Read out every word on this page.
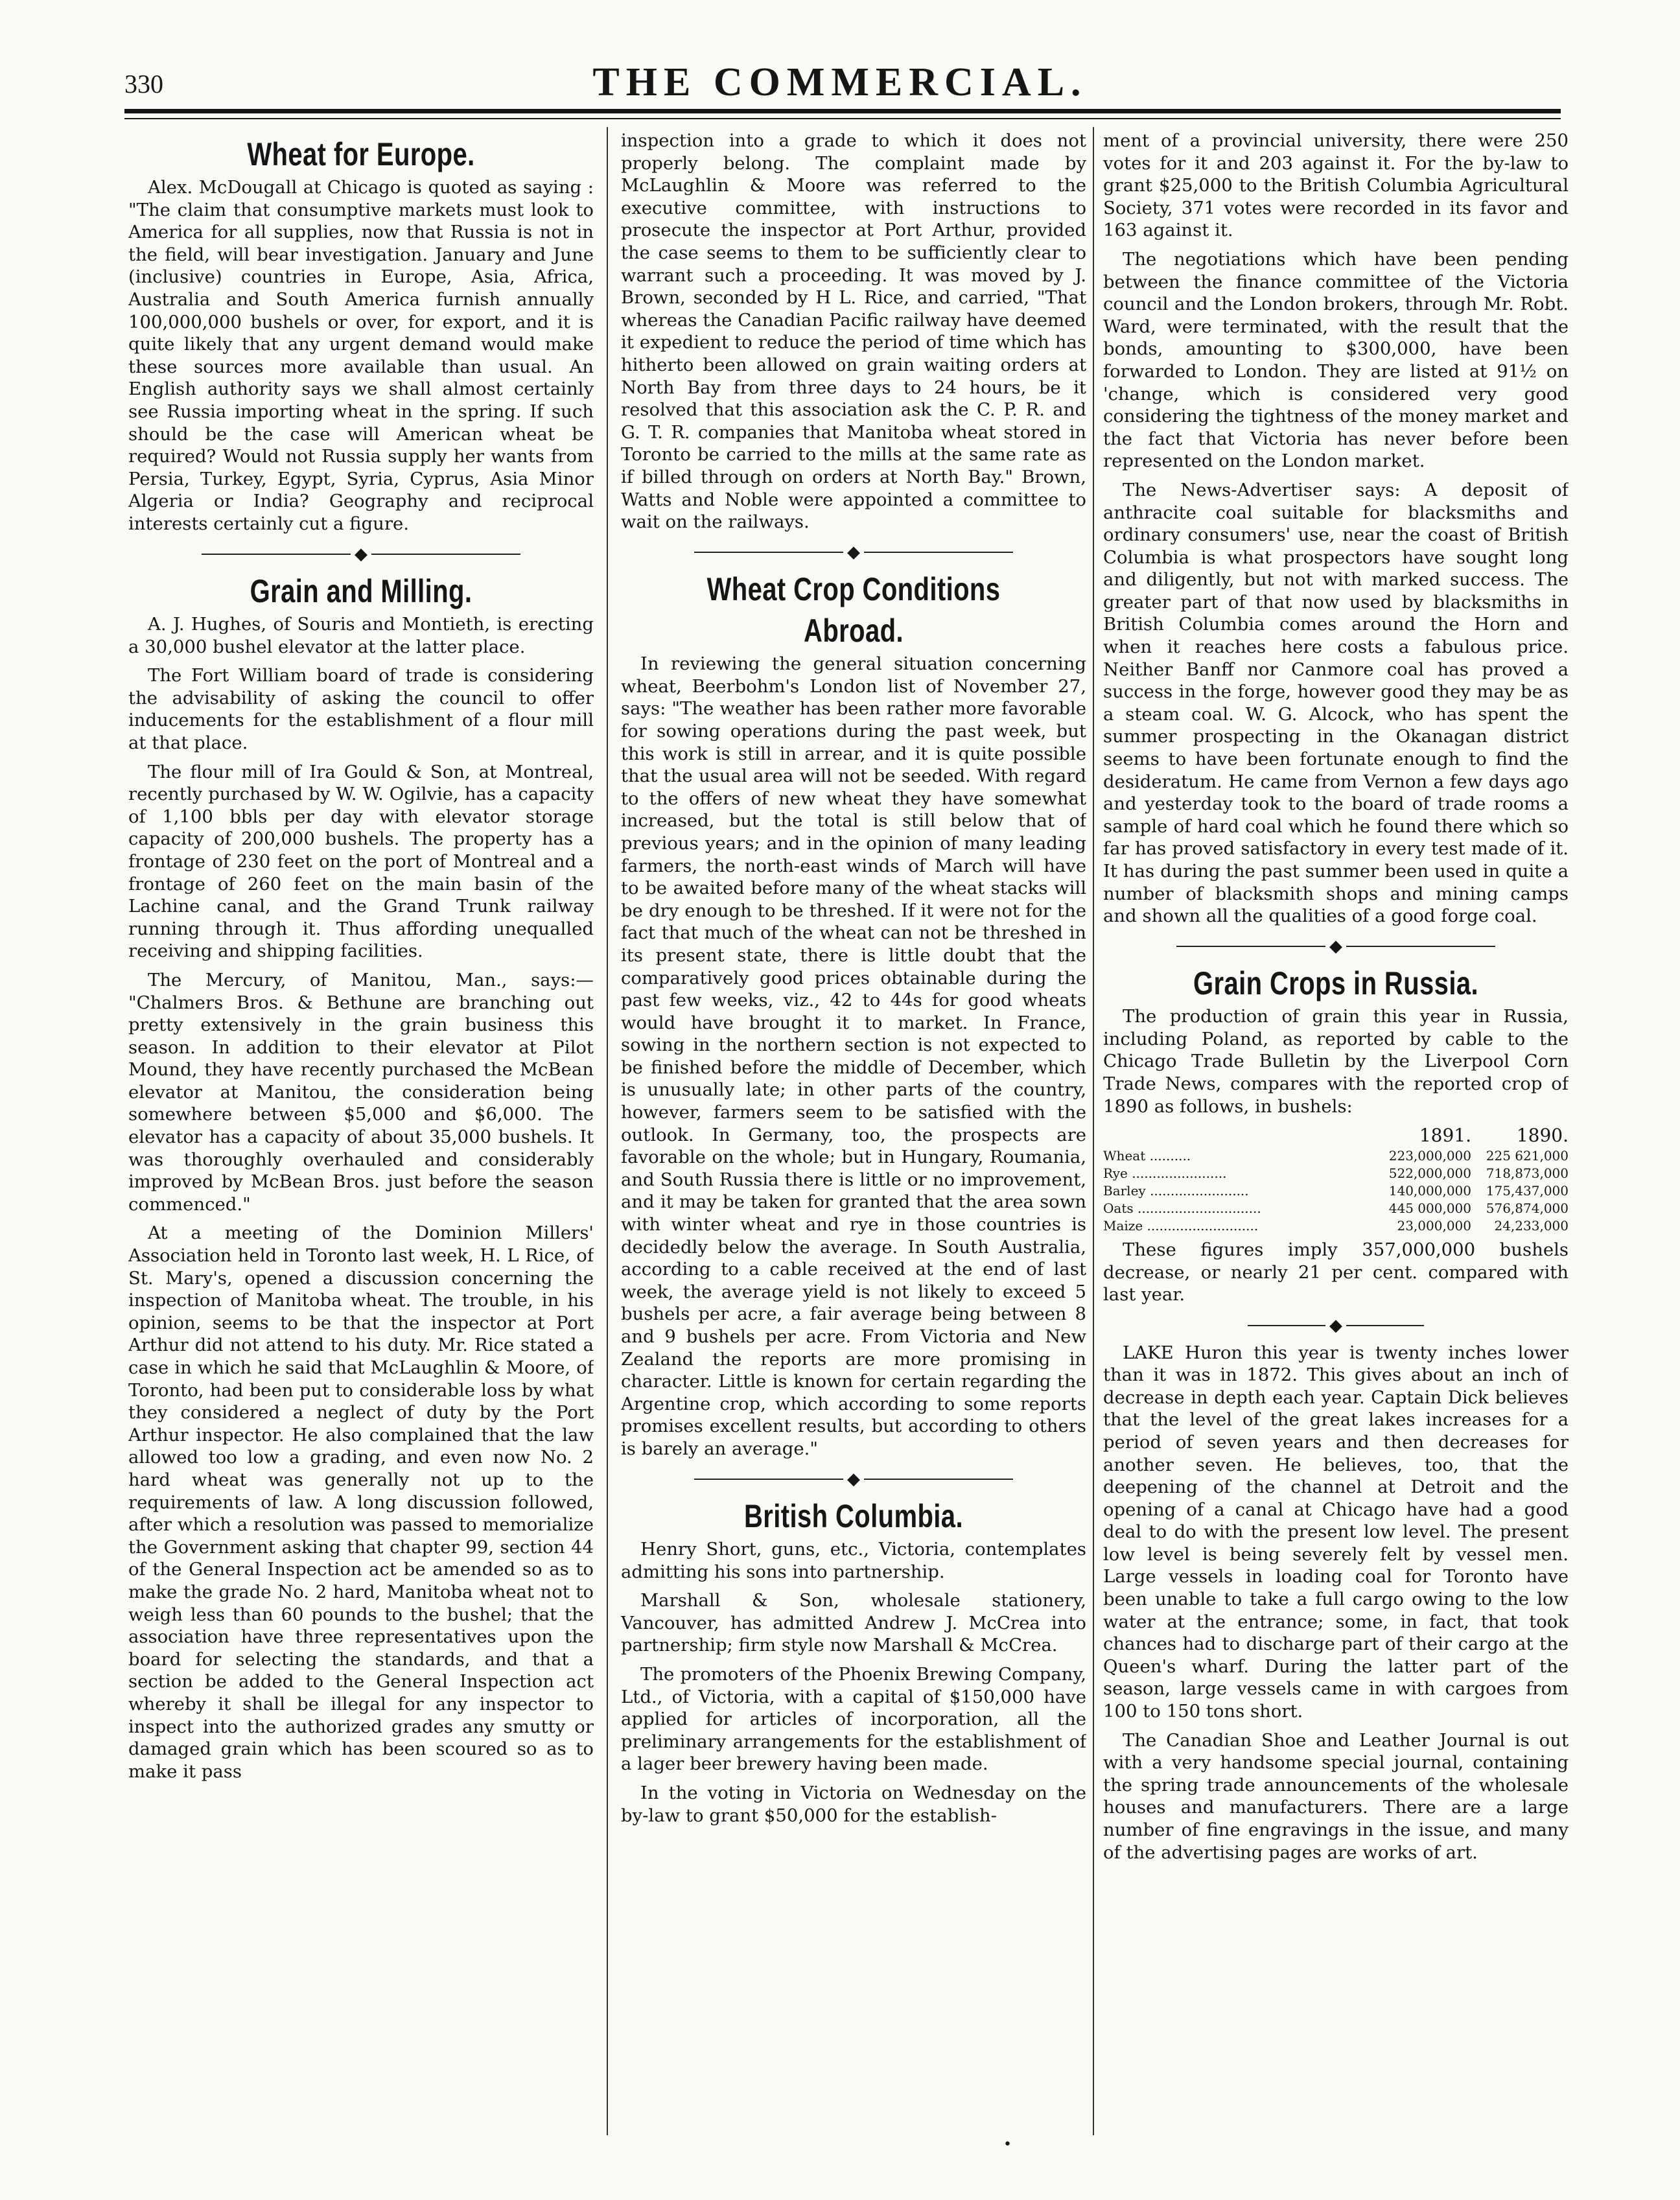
330	THE COMMERCIAL.
Wheat for Europe.

Alex. McDougall at Chicago is quoted as saying : "The claim that consumptive markets must look to America for all supplies, now that Russia is not in the field, will bear investigation. January and June (inclusive) countries in Europe, Asia, Africa, Australia and South America furnish annually 100,000,000 bushels or over, for export, and it is quite likely that any urgent demand would make these sources more available than usual. An English authority says we shall almost certainly see Russia importing wheat in the spring. If such should be the case will American wheat be required? Would not Russia supply her wants from Persia, Turkey, Egypt, Syria, Cyprus, Asia Minor Algeria or India? Geography and reciprocal interests certainly cut a figure.

◆
Grain and Milling.

A. J. Hughes, of Souris and Montieth, is erecting a 30,000 bushel elevator at the latter place.

The Fort William board of trade is considering the advisability of asking the council to offer inducements for the establishment of a flour mill at that place.

The flour mill of Ira Gould & Son, at Montreal, recently purchased by W. W. Ogilvie, has a capacity of 1,100 bbls per day with elevator storage capacity of 200,000 bushels. The property has a frontage of 230 feet on the port of Montreal and a frontage of 260 feet on the main basin of the Lachine canal, and the Grand Trunk railway running through it. Thus affording unequalled receiving and shipping facilities.

The Mercury, of Manitou, Man., says:— "Chalmers Bros. & Bethune are branching out pretty extensively in the grain business this season. In addition to their elevator at Pilot Mound, they have recently purchased the McBean elevator at Manitou, the consideration being somewhere between $5,000 and $6,000. The elevator has a capacity of about 35,000 bushels. It was thoroughly overhauled and considerably improved by McBean Bros. just before the season commenced."

At a meeting of the Dominion Millers' Association held in Toronto last week, H. L Rice, of St. Mary's, opened a discussion concerning the inspection of Manitoba wheat. The trouble, in his opinion, seems to be that the inspector at Port Arthur did not attend to his duty. Mr. Rice stated a case in which he said that McLaughlin & Moore, of Toronto, had been put to considerable loss by what they considered a neglect of duty by the Port Arthur inspector. He also complained that the law allowed too low a grading, and even now No. 2 hard wheat was generally not up to the requirements of law. A long discussion followed, after which a resolution was passed to memorialize the Government asking that chapter 99, section 44 of the General Inspection act be amended so as to make the grade No. 2 hard, Manitoba wheat not to weigh less than 60 pounds to the bushel; that the association have three representatives upon the board for selecting the standards, and that a section be added to the General Inspection act whereby it shall be illegal for any inspector to inspect into the authorized grades any smutty or damaged grain which has been scoured so as to make it pass

inspection into a grade to which it does not properly belong. The complaint made by McLaughlin & Moore was referred to the executive committee, with instructions to prosecute the inspector at Port Arthur, provided the case seems to them to be sufficiently clear to warrant such a proceeding. It was moved by J. Brown, seconded by H L. Rice, and carried, "That whereas the Canadian Pacific railway have deemed it expedient to reduce the period of time which has hitherto been allowed on grain waiting orders at North Bay from three days to 24 hours, be it resolved that this association ask the C. P. R. and G. T. R. companies that Manitoba wheat stored in Toronto be carried to the mills at the same rate as if billed through on orders at North Bay." Brown, Watts and Noble were appointed a committee to wait on the railways.

◆
Wheat Crop Conditions Abroad.

In reviewing the general situation concerning wheat, Beerbohm's London list of November 27, says: "The weather has been rather more favorable for sowing operations during the past week, but this work is still in arrear, and it is quite possible that the usual area will not be seeded. With regard to the offers of new wheat they have somewhat increased, but the total is still below that of previous years; and in the opinion of many leading farmers, the north-east winds of March will have to be awaited before many of the wheat stacks will be dry enough to be threshed. If it were not for the fact that much of the wheat can not be threshed in its present state, there is little doubt that the comparatively good prices obtainable during the past few weeks, viz., 42 to 44s for good wheats would have brought it to market. In France, sowing in the northern section is not expected to be finished before the middle of December, which is unusually late; in other parts of the country, however, farmers seem to be satisfied with the outlook. In Germany, too, the prospects are favorable on the whole; but in Hungary, Roumania, and South Russia there is little or no improvement, and it may be taken for granted that the area sown with winter wheat and rye in those countries is decidedly below the average. In South Australia, according to a cable received at the end of last week, the average yield is not likely to exceed 5 bushels per acre, a fair average being between 8 and 9 bushels per acre. From Victoria and New Zealand the reports are more promising in character. Little is known for certain regarding the Argentine crop, which according to some reports promises excellent results, but according to others is barely an average."

◆
British Columbia.

Henry Short, guns, etc., Victoria, contemplates admitting his sons into partnership.

Marshall & Son, wholesale stationery, Vancouver, has admitted Andrew J. McCrea into partnership; firm style now Marshall & McCrea.

The promoters of the Phoenix Brewing Company, Ltd., of Victoria, with a capital of $150,000 have applied for articles of incorporation, all the preliminary arrangements for the establishment of a lager beer brewery having been made.

In the voting in Victoria on Wednesday on the by-law to grant $50,000 for the establish-

ment of a provincial university, there were 250 votes for it and 203 against it. For the by-law to grant $25,000 to the British Columbia Agricultural Society, 371 votes were recorded in its favor and 163 against it.

The negotiations which have been pending between the finance committee of the Victoria council and the London brokers, through Mr. Robt. Ward, were terminated, with the result that the bonds, amounting to $300,000, have been forwarded to London. They are listed at 91½ on 'change, which is considered very good considering the tightness of the money market and the fact that Victoria has never before been represented on the London market.

The News-Advertiser says: A deposit of anthracite coal suitable for blacksmiths and ordinary consumers' use, near the coast of British Columbia is what prospectors have sought long and diligently, but not with marked success. The greater part of that now used by blacksmiths in British Columbia comes around the Horn and when it reaches here costs a fabulous price. Neither Banff nor Canmore coal has proved a success in the forge, however good they may be as a steam coal. W. G. Alcock, who has spent the summer prospecting in the Okanagan district seems to have been fortunate enough to find the desideratum. He came from Vernon a few days ago and yesterday took to the board of trade rooms a sample of hard coal which he found there which so far has proved satisfactory in every test made of it. It has during the past summer been used in quite a number of blacksmith shops and mining camps and shown all the qualities of a good forge coal.

◆
Grain Crops in Russia.

The production of grain this year in Russia, including Poland, as reported by cable to the Chicago Trade Bulletin by the Liverpool Corn Trade News, compares with the reported crop of 1890 as follows, in bushels:

	1891.	1890.
Wheat ..........	223,000,000	225 621,000
Rye .......................	522,000,000	718,873,000
Barley ........................	140,000,000	175,437,000
Oats ..............................	445 000,000	576,874,000
Maize ...........................	23,000,000	24,233,000

These figures imply 357,000,000 bushels decrease, or nearly 21 per cent. compared with last year.

◆

LAKE Huron this year is twenty inches lower than it was in 1872. This gives about an inch of decrease in depth each year. Captain Dick believes that the level of the great lakes increases for a period of seven years and then decreases for another seven. He believes, too, that the deepening of the channel at Detroit and the opening of a canal at Chicago have had a good deal to do with the present low level. The present low level is being severely felt by vessel men. Large vessels in loading coal for Toronto have been unable to take a full cargo owing to the low water at the entrance; some, in fact, that took chances had to discharge part of their cargo at the Queen's wharf. During the latter part of the season, large vessels came in with cargoes from 100 to 150 tons short.

The Canadian Shoe and Leather Journal is out with a very handsome special journal, containing the spring trade announcements of the wholesale houses and manufacturers. There are a large number of fine engravings in the issue, and many of the advertising pages are works of art.

•
